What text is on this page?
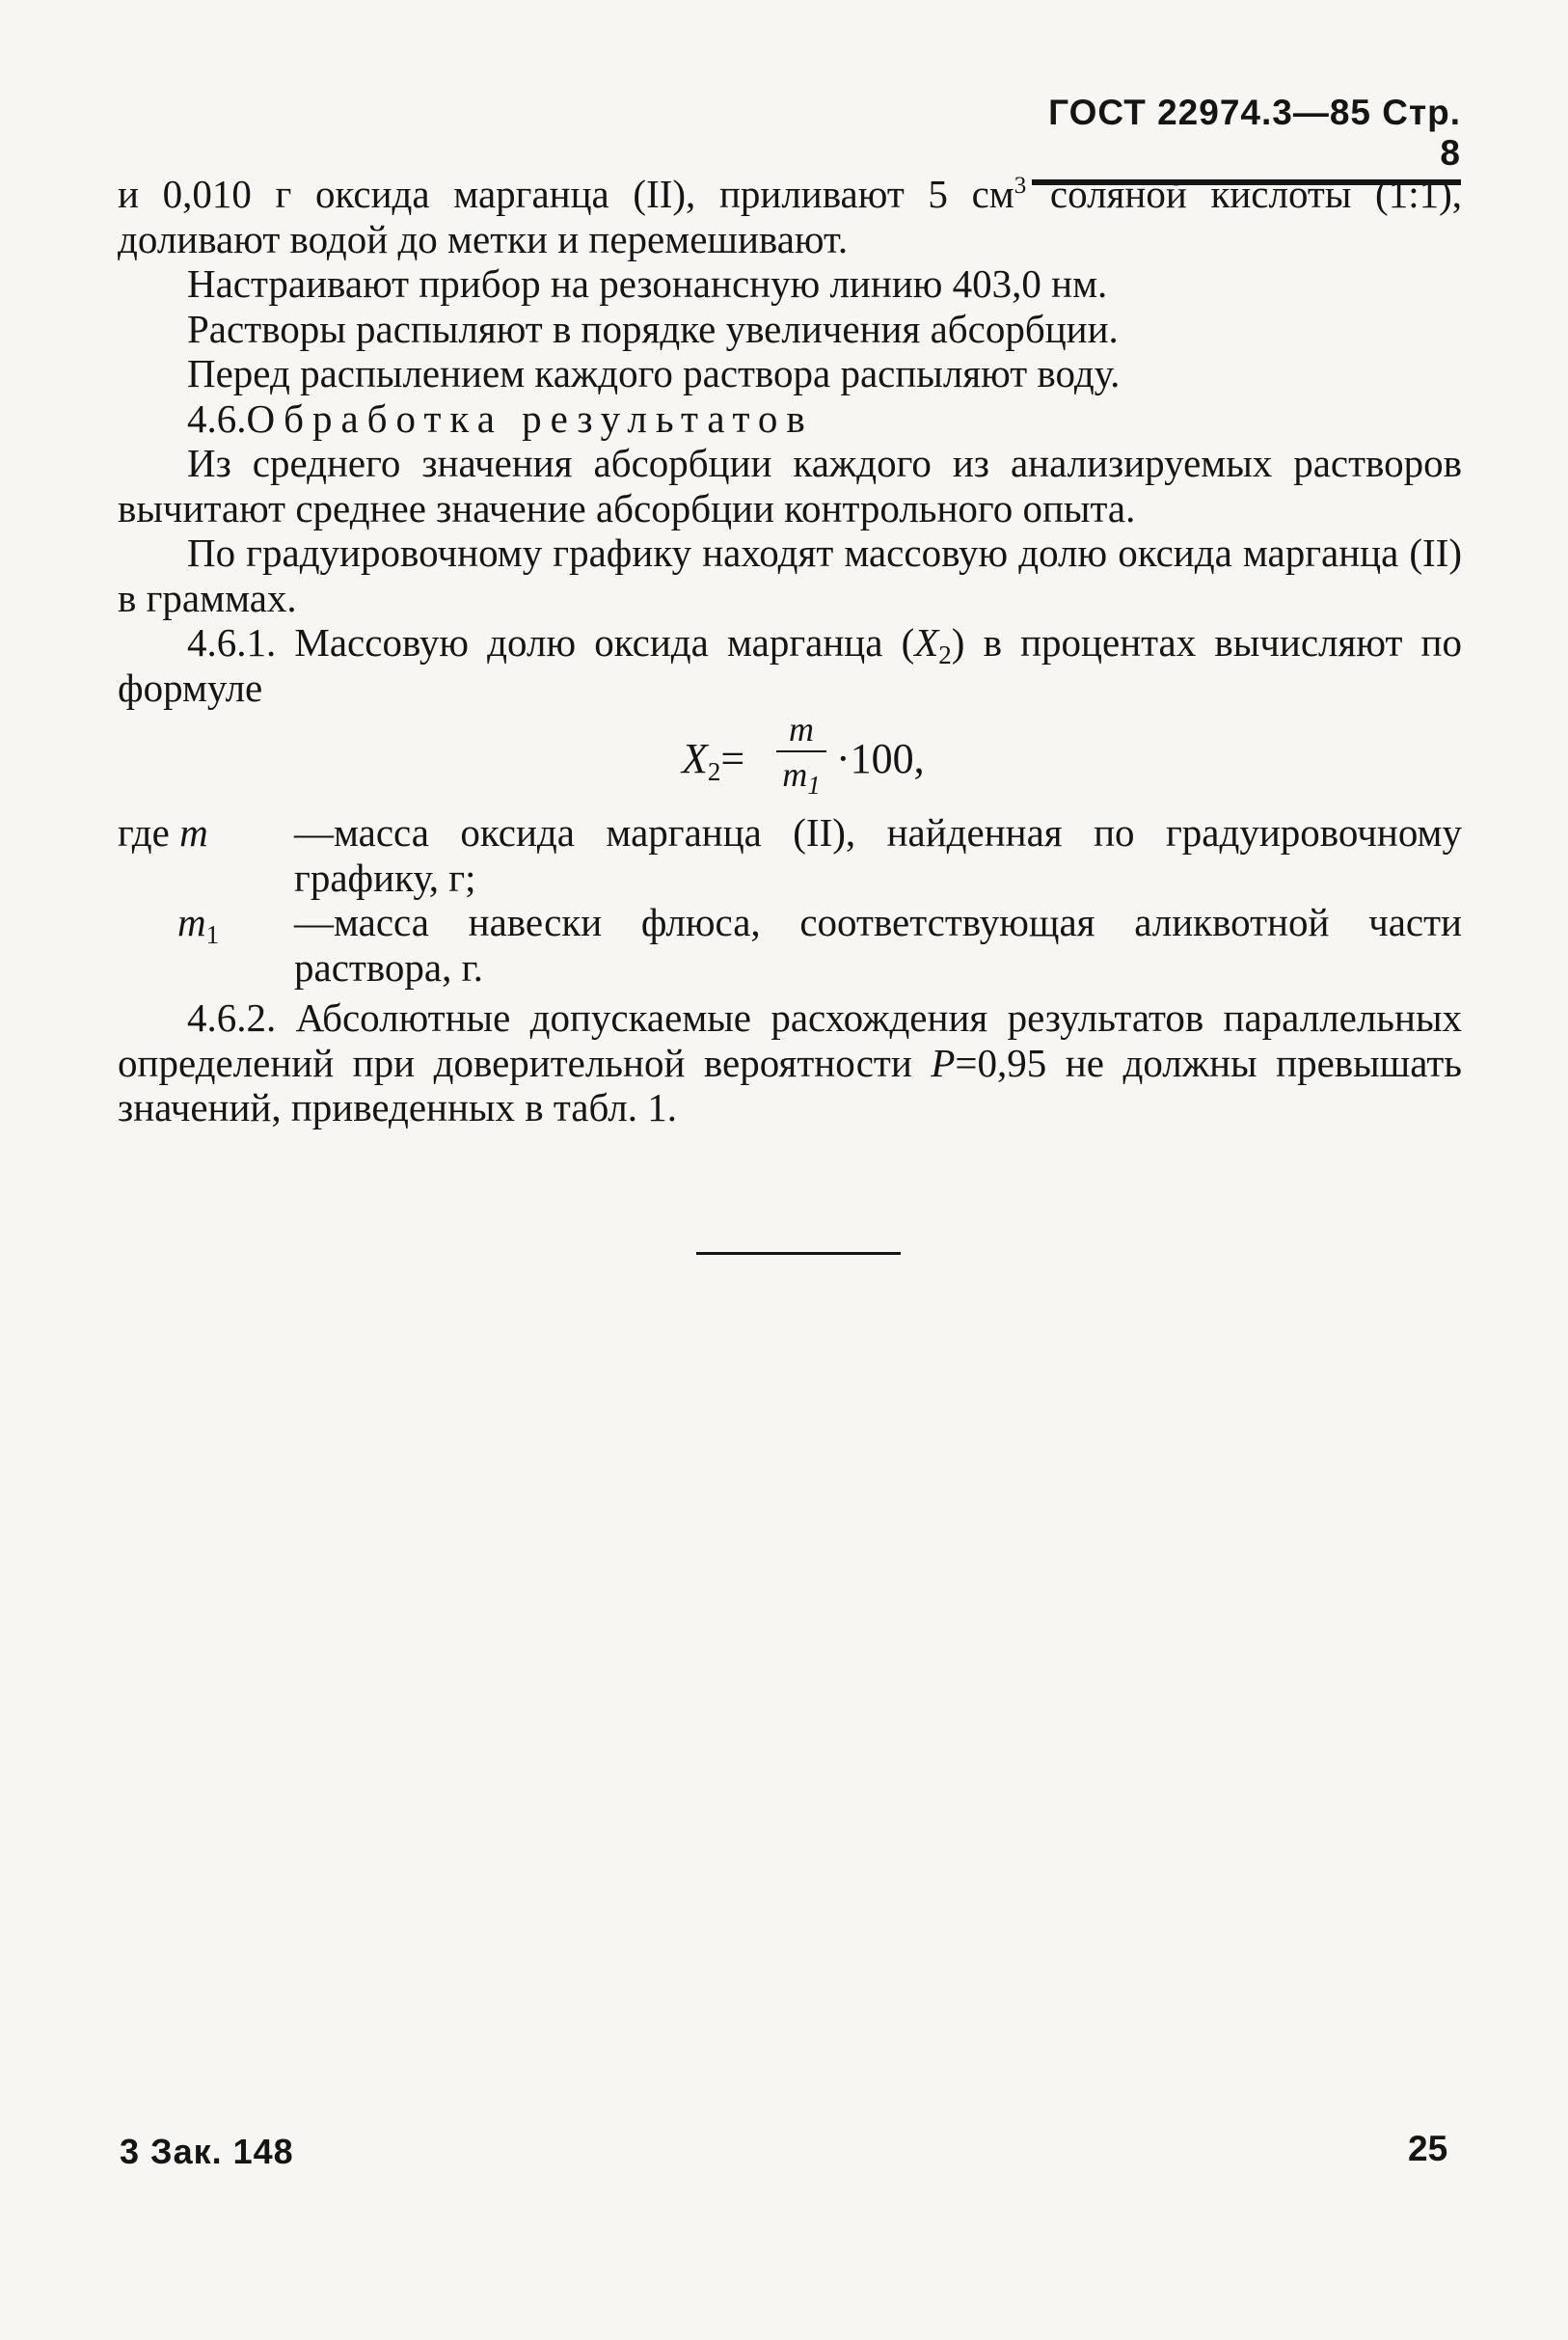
ГОСТ 22974.3—85 Стр. 8

и 0,010 г оксида марганца (II), приливают 5 $см^3$ соляной кислоты (1:1), доливают водой до метки и перемешивают.

Настраивают прибор на резонансную линию 403,0 нм.

Растворы распыляют в порядке увеличения абсорбции.

Перед распылением каждого раствора распыляют воду.

4.6.Обработка результатов

Из среднего значения абсорбции каждого из анализируемых растворов вычитают среднее значение абсорбции контрольного опыта.

По градуировочному графику находят массовую долю оксида марганца (II) в граммах.

4.6.1. Массовую долю оксида марганца $(X_2)$ в процентах вычисляют по формуле

$X_2=$
m
$m_1$
·100,
где m	—масса оксида марганца (II), найденная по градуировочному графику, г;
$m_1$	—масса навески флюса, соответствующая аликвотной части раствора, г.

4.6.2. Абсолютные допускаемые расхождения результатов параллельных определений при доверительной вероятности P=0,95 не должны превышать значений, приведенных в табл. 1.

3 Зак. 148	25
